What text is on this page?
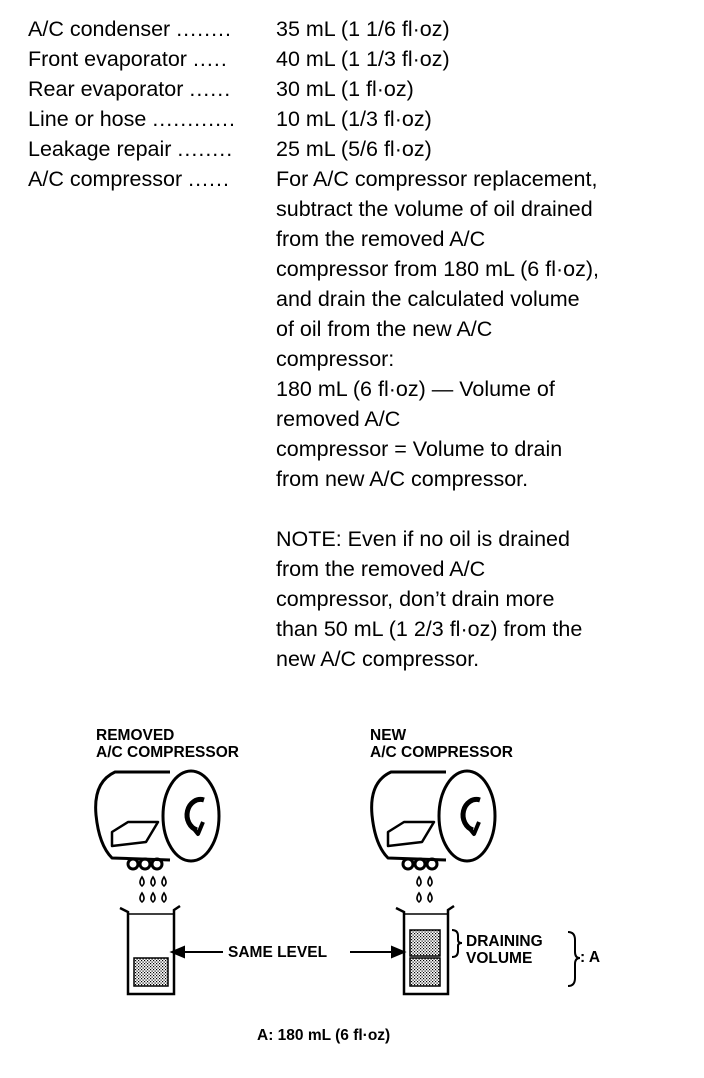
A/C condenser ........	35 mL (1 1/6 fl·oz)
Front evaporator .....	40 mL (1 1/3 fl·oz)
Rear evaporator ......	30 mL (1 fl·oz)
Line or hose ............	10 mL (1/3 fl·oz)
Leakage repair ........	25 mL (5/6 fl·oz)
A/C compressor ......	For A/C compressor replacement,
subtract the volume of oil drained
from the removed A/C
compressor from 180 mL (6 fl·oz),
and drain the calculated volume
of oil from the new A/C
compressor:
180 mL (6 fl·oz) — Volume of
removed A/C
compressor = Volume to drain
from new A/C compressor.
NOTE: Even if no oil is drained
from the removed A/C
compressor, don’t drain more
than 50 mL (1 2/3 fl·oz) from the
new A/C compressor.
REMOVED
A/C COMPRESSOR
NEW
A/C COMPRESSOR
SAME LEVEL
DRAINING
VOLUME	: A
A: 180 mL (6 fl·oz)
